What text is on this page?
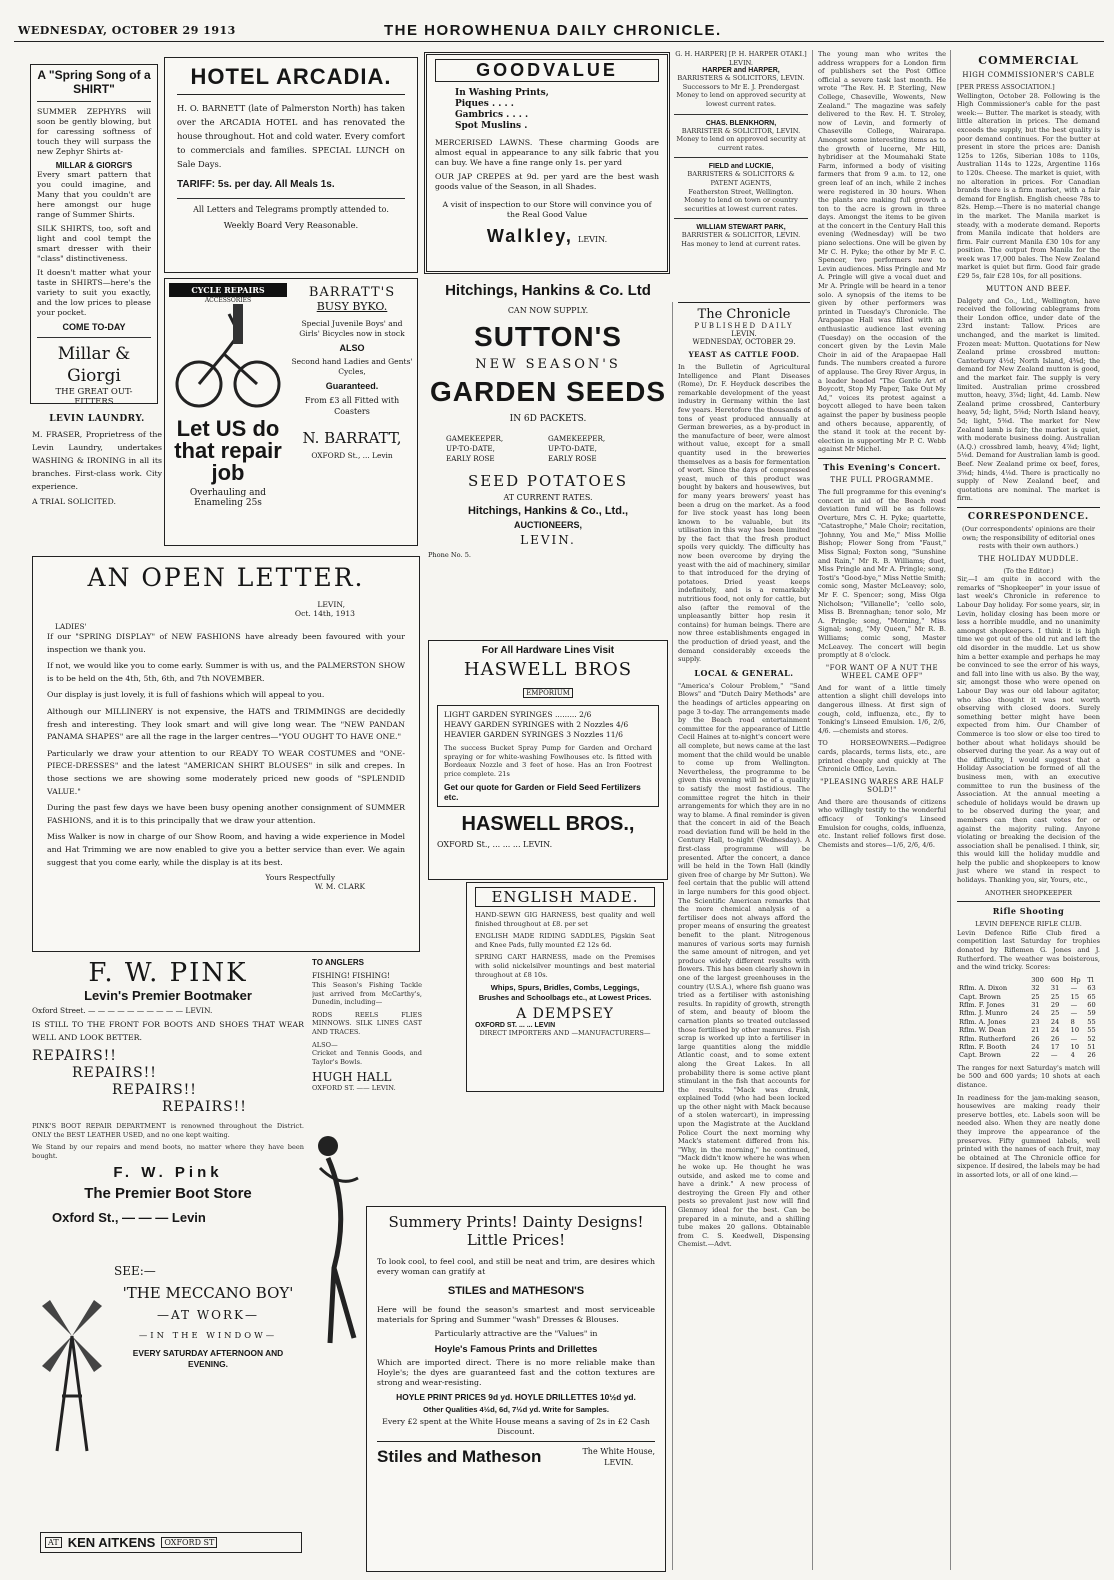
WEDNESDAY, OCTOBER 29 1913	THE HOROWHENUA DAILY CHRONICLE.
A "Spring Song of a SHIRT"

SUMMER ZEPHYRS will soon be gently blowing, but for caressing softness of touch they will surpass the new Zephyr Shirts at-

MILLAR & GIORGI'S

Every smart pattern that you could imagine, and Many that you couldn't are here amongst our huge range of Summer Shirts.

SILK SHIRTS, too, soft and light and cool tempt the smart dresser with their "class" distinctiveness.

It doesn't matter what your taste in SHIRTS—here's the variety to suit you exactly, and the low prices to please your pocket.

COME TO-DAY
Millar & Giorgi
THE GREAT OUT-
FITTERS
LEVIN LAUNDRY.

M. FRASER, Proprietress of the Levin Laundry, undertakes WASHING & IRONING in all its branches. First-class work. City experience.

A TRIAL SOLICITED.
HOTEL ARCADIA.

H. O. BARNETT (late of Palmerston North) has taken over the ARCADIA HOTEL and has renovated the house throughout. Hot and cold water. Every comfort to commercials and families. SPECIAL LUNCH on Sale Days.

TARIFF: 5s. per day. All Meals 1s.
All Letters and Telegrams promptly attended to.
Weekly Board Very Reasonable.
CYCLE REPAIRS
ACCESSORIES
Let US do that repair job
Overhauling and Enameling 25s
BARRATT'S
BUSY BYKO.
Special Juvenile Boys' and Girls' Bicycles now in stock
ALSO
Second hand Ladies and Gents' Cycles,
Guaranteed.
From £3 all Fitted with Coasters
N. BARRATT,
OXFORD St., ... Levin
GOODVALUE
In Washing Prints,
Piques . . . .
Gambrics . . . .
Spot Muslins .

MERCERISED LAWNS. These charming Goods are almost equal in appearance to any silk fabric that you can buy. We have a fine range only 1s. per yard

OUR JAP CREPES at 9d. per yard are the best wash goods value of the Season, in all Shades.

A visit of inspection to our Store will convince you of the Real Good Value

Walkley, LEVIN.
Hitchings, Hankins & Co. Ltd
CAN NOW SUPPLY.
SUTTON'S
NEW SEASON'S
GARDEN SEEDS
IN 6D PACKETS.
GAMEKEEPER,	GAMEKEEPER,
UP-TO-DATE,	UP-TO-DATE,
EARLY ROSE	EARLY ROSE
SEED POTATOES
AT CURRENT RATES.
Hitchings, Hankins & Co., Ltd.,
AUCTIONEERS,
LEVIN.
Phone No. 5.
For All Hardware Lines Visit
HASWELL BROS EMPORIUM
LIGHT GARDEN SYRINGES ......... 2/6
HEAVY GARDEN SYRINGES with 2 Nozzles 4/6
HEAVIER GARDEN SYRINGES 3 Nozzles 11/6

The success Bucket Spray Pump for Garden and Orchard spraying or for white-washing Fowlhouses etc. Is fitted with Bordeaux Nozzle and 3 feet of hose. Has an Iron Footrest price complete. 21s

Get our quote for Garden or Field Seed Fertilizers etc.
HASWELL BROS.,
OXFORD St., ... ... ... LEVIN.
AN OPEN LETTER.
LEVIN,
Oct. 14th, 1913
LADIES'

If our "SPRING DISPLAY" of NEW FASHIONS have already been favoured with your inspection we thank you.

If not, we would like you to come early. Summer is with us, and the PALMERSTON SHOW is to be held on the 4th, 5th, 6th, and 7th NOVEMBER.

Our display is just lovely, it is full of fashions which will appeal to you.

Although our MILLINERY is not expensive, the HATS and TRIMMINGS are decidedly fresh and interesting. They look smart and will give long wear. The "NEW PANDAN PANAMA SHAPES" are all the rage in the larger centres—"YOU OUGHT TO HAVE ONE."

Particularly we draw your attention to our READY TO WEAR COSTUMES and "ONE-PIECE-DRESSES" and the latest "AMERICAN SHIRT BLOUSES" in silk and crepes. In those sections we are showing some moderately priced new goods of "SPLENDID VALUE."

During the past few days we have been busy opening another consignment of SUMMER FASHIONS, and it is to this principally that we draw your attention.

Miss Walker is now in charge of our Show Room, and having a wide experience in Model and Hat Trimming we are now enabled to give you a better service than ever. We again suggest that you come early, while the display is at its best.

Yours Respectfully
W. M. CLARK
F. W. PINK
Levin's Premier Bootmaker
Oxford Street. — — — — — — — — — — LEVIN.

IS STILL TO THE FRONT FOR BOOTS AND SHOES THAT WEAR WELL AND LOOK BETTER.

REPAIRS!!
REPAIRS!!
REPAIRS!!
REPAIRS!!

PINK'S BOOT REPAIR DEPARTMENT is renowned throughout the District. ONLY the BEST LEATHER USED, and no one kept waiting.

We Stand by our repairs and mend boots, no matter where they have been bought.

F. W. Pink
The Premier Boot Store
Oxford St., — — — Levin
TO ANGLERS
FISHING! FISHING!

This Season's Fishing Tackle just arrived from McCarthy's, Dunedin, including—

RODS REELS FLIES MINNOWS. SILK LINES CAST AND TRACES.

ALSO—

Cricket and Tennis Goods, and Taylor's Bowls.

HUGH HALL
OXFORD ST. —— LEVIN.
SEE:—
'THE MECCANO BOY'
—AT WORK—
—IN THE WINDOW—
EVERY SATURDAY AFTERNOON AND EVENING.
AT KEN AITKENS	OXFORD ST
ENGLISH MADE.

HAND-SEWN GIG HARNESS, best quality and well finished throughout at £8. per set

ENGLISH MADE RIDING SADDLES, Pigskin Seat and Knee Pads, fully mounted £2 12s 6d.

SPRING CART HARNESS, made on the Premises with solid nickelsilver mountings and best material throughout at £8 10s.

Whips, Spurs, Bridles, Combs, Leggings, Brushes and Schoolbags etc., at Lowest Prices.

A DEMPSEY
OXFORD ST. ... ... LEVIN
DIRECT IMPORTERS AND —MANUFACTURERS—
Summery Prints! Dainty Designs!
Little Prices!

To look cool, to feel cool, and still be neat and trim, are desires which every woman can gratify at

STILES and MATHESON'S

Here will be found the season's smartest and most serviceable materials for Spring and Summer "wash" Dresses & Blouses.

Particularly attractive are the "Values" in

Hoyle's Famous Prints and Drillettes

Which are imported direct. There is no more reliable make than Hoyle's; the dyes are guaranteed fast and the cotton textures are strong and wear-resisting.

HOYLE PRINT PRICES 9d yd. HOYLE DRILLETTES 10½d yd.
Other Qualities 4½d, 6d, 7½d yd. Write for Samples.

Every £2 spent at the White House means a saving of 2s in £2 Cash Discount.

Stiles and Matheson	The White House,
LEVIN.
G. H. HARPER] [P. H. HARPER OTAKI.] LEVIN.
HARPER and HARPER,
BARRISTERS & SOLICITORS, LEVIN.
Successors to Mr E. J. Prendergast
Money to lend on approved security at lowest current rates.
CHAS. BLENKHORN,
BARRISTER & SOLICITOR, LEVIN.
Money to lend on approved security at current rates.
FIELD and LUCKIE,
BARRISTERS & SOLICITORS & PATENT AGENTS,
Featherston Street, Wellington.
Money to lend on town or country securities at lowest current rates.
WILLIAM STEWART PARK,
BARRISTER & SOLICITOR, LEVIN.
Has money to lend at current rates.
The Chronicle
PUBLISHED DAILY
LEVIN.
WEDNESDAY, OCTOBER 29.
YEAST AS CATTLE FOOD.

In the Bulletin of Agricultural Intelligence and Plant Diseases (Rome), Dr. F. Heyduck describes the remarkable development of the yeast industry in Germany within the last few years. Heretofore the thousands of tons of yeast produced annually at German breweries, as a by-product in the manufacture of beer, were almost without value, except for a small quantity used in the breweries themselves as a basis for fermentation of wort. Since the days of compressed yeast, much of this product was bought by bakers and housewives, but for many years brewers' yeast has been a drug on the market. As a food for live stock yeast has long been known to be valuable, but its utilisation in this way has been limited by the fact that the fresh product spoils very quickly. The difficulty has now been overcome by drying the yeast with the aid of machinery, similar to that introduced for the drying of potatoes. Dried yeast keeps indefinitely, and is a remarkably nutritious food, not only for cattle, but also (after the removal of the unpleasantly bitter hop resin it contains) for human beings. There are now three establishments engaged in the production of dried yeast, and the demand considerably exceeds the supply.

LOCAL & GENERAL.

"America's Colour Problem," "Sand Blows" and "Dutch Dairy Methods" are the headings of articles appearing on page 3 to-day. The arrangements made by the Beach road entertainment committee for the appearance of Little Cecil Haines at to-night's concert were all complete, but news came at the last moment that the child would be unable to come up from Wellington. Nevertheless, the programme to be given this evening will be of a quality to satisfy the most fastidious. The committee regret the hitch in their arrangements for which they are in no way to blame. A final reminder is given that the concert in aid of the Beach road deviation fund will be held in the Century Hall, to-night (Wednesday). A first-class programme will be presented. After the concert, a dance will be held in the Town Hall (kindly given free of charge by Mr Sutton). We feel certain that the public will attend in large numbers for this good object. The Scientific American remarks that the more chemical analysis of a fertiliser does not always afford the proper means of ensuring the greatest benefit to the plant. Nitrogenous manures of various sorts may furnish the same amount of nitrogen, and yet produce widely different results with flowers. This has been clearly shown in one of the largest greenhouses in the country (U.S.A.), where fish guano was tried as a fertiliser with astonishing results. In rapidity of growth, strength of stem, and beauty of bloom the carnation plants so treated outclassed those fertilised by other manures. Fish scrap is worked up into a fertiliser in large quantities along the middle Atlantic coast, and to some extent along the Great Lakes. In all probability there is some active plant stimulant in the fish that accounts for the results. "Mack was drunk, explained Todd (who had been locked up the other night with Mack because of a stolen watercart), in impressing upon the Magistrate at the Auckland Police Court the next morning why Mack's statement differed from his. "Why, in the morning," he continued, "Mack didn't know where he was when he woke up. He thought he was outside, and asked me to come and have a drink." A new process of destroying the Green Fly and other pests so prevalent just now will find Glenmoy ideal for the best. Can be prepared in a minute, and a shilling tube makes 20 gallons. Obtainable from C. S. Keedwell, Dispensing Chemist.—Advt.

The young man who writes the address wrappers for a London firm of publishers set the Post Office official a severe task last month. He wrote "The Rev. H. P. Sterling, New College, Chaseville, Wowents, New Zealand." The magazine was safely delivered to the Rev. H. T. Stroley, now of Levin, and formerly of Chaseville College, Wairarapa. Amongst some interesting items as to the growth of lucerne, Mr Hill, hybridiser at the Moumahaki State Farm, informed a body of visiting farmers that from 9 a.m. to 12, one green leaf of an inch, while 2 inches were registered in 30 hours. When the plants are making full growth a ton to the acre is grown in three days. Amongst the items to be given at the concert in the Century Hall this evening (Wednesday) will be two piano selections. One will be given by Mr C. H. Pyke; the other by Mr F. C. Spencer, two performers new to Levin audiences. Miss Pringle and Mr A. Pringle will give a vocal duet and Mr A. Pringle will be heard in a tenor solo. A synopsis of the items to be given by other performers was printed in Tuesday's Chronicle. The Arapaepae Hall was filled with an enthusiastic audience last evening (Tuesday) on the occasion of the concert given by the Levin Male Choir in aid of the Arapaepae Hall funds. The numbers created a furore of applause. The Grey River Argus, in a leader headed "The Gentle Art of Boycott, Stop My Paper, Take Out My Ad," voices its protest against a boycott alleged to have been taken against the paper by business people and others because, apparently, of the stand it took at the recent by-election in supporting Mr P. C. Webb against Mr Michel.

This Evening's Concert.
THE FULL PROGRAMME.

The full programme for this evening's concert in aid of the Beach road deviation fund will be as follows: Overture, Mrs C. H. Pyke; quartette, "Catastrophe," Male Choir; recitation, "Johnny, You and Me," Miss Mollie Bishop; Flower Song from "Faust," Miss Signal; Foxton song, "Sunshine and Rain," Mr R. B. Williams; duet, Miss Pringle and Mr A. Pringle; song, Tosti's "Good-bye," Miss Nettie Smith; comic song, Master McLeavey; solo, Mr F. C. Spencer; song, Miss Olga Nicholson; "Villanelle"; 'cello solo, Miss B. Brennaghan; tenor solo, Mr A. Pringle; song, "Morning," Miss Signal; song, "My Queen," Mr R. B. Williams; comic song, Master McLeavey. The concert will begin promptly at 8 o'clock.

"FOR WANT OF A NUT THE WHEEL CAME OFF"

And for want of a little timely attention a slight chill develops into dangerous illness. At first sign of cough, cold, influenza, etc., fly to Tonking's Linseed Emulsion. 1/6, 2/6, 4/6. —chemists and stores.

TO HORSEOWNERS.—Pedigree cards, placards, terms lists, etc., are printed cheaply and quickly at The Chronicle Office, Levin.

"PLEASING WARES ARE HALF SOLD!"

And there are thousands of citizens who willingly testify to the wonderful efficacy of Tonking's Linseed Emulsion for coughs, colds, influenza, etc. Instant relief follows first dose. Chemists and stores—1/6, 2/6, 4/6.

COMMERCIAL
HIGH COMMISSIONER'S CABLE
[PER PRESS ASSOCIATION.]

Wellington, October 28. Following is the High Commissioner's cable for the past week:— Butter. The market is steady, with little alteration in prices. The demand exceeds the supply, but the best quality is poor demand continues. For the butter at present in store the prices are: Danish 125s to 126s, Siberian 108s to 110s, Australian 114s to 122s, Argentine 116s to 120s. Cheese. The market is quiet, with no alteration in prices. For Canadian brands there is a firm market, with a fair demand for English. English cheese 78s to 82s. Hemp.—There is no material change in the market. The Manila market is steady, with a moderate demand. Reports from Manila indicate that holders are firm. Fair current Manila £30 10s for any position. The output from Manila for the week was 17,000 bales. The New Zealand market is quiet but firm. Good fair grade £29 5s, fair £28 10s, for all positions.

MUTTON AND BEEF.

Dalgety and Co., Ltd., Wellington, have received the following cablegrams from their London office, under date of the 23rd instant: Tallow. Prices are unchanged, and the market is limited. Frozen meat: Mutton. Quotations for New Zealand prime crossbred mutton: Canterbury 4½d; North Island, 4⅜d; the demand for New Zealand mutton is good, and the market fair. The supply is very limited. Australian prime crossbred mutton, heavy, 3⅞d; light, 4d. Lamb. New Zealand prime crossbred, Canterbury heavy, 5d; light, 5⅜d; North Island heavy, 5d; light, 5⅜d. The market for New Zealand lamb is fair; the market is quiet, with moderate business doing. Australian (A.Q.) crossbred lamb, heavy, 4⅞d; light, 5⅛d. Demand for Australian lamb is good. Beef. New Zealand prime ox beef, fores, 3⅝d; hinds, 4⅛d. There is practically no supply of New Zealand beef, and quotations are nominal. The market is firm.

CORRESPONDENCE.

(Our correspondents' opinions are their own; the responsibility of editorial ones rests with their own authors.)

THE HOLIDAY MUDDLE.
(To the Editor.)

Sir,—I am quite in accord with the remarks of "Shopkeeper" in your issue of last week's Chronicle in reference to Labour Day holiday. For some years, sir, in Levin, holiday closing has been more or less a horrible muddle, and no unanimity amongst shopkeepers. I think it is high time we got out of the old rut and left the old disorder in the muddle. Let us show him a better example and perhaps he may be convinced to see the error of his ways, and fall into line with us also. By the way, sir, amongst those who were opened on Labour Day was our old labour agitator, who also thought it was not worth observing with closed doors. Surely something better might have been expected from him. Our Chamber of Commerce is too slow or else too tired to bother about what holidays should be observed during the year. As a way out of the difficulty, I would suggest that a Holiday Association be formed of all the business men, with an executive committee to run the business of the Association. At the annual meeting a schedule of holidays would be drawn up to be observed during the year, and members can then cast votes for or against the majority ruling. Anyone violating or breaking the decision of the association shall be penalised. I think, sir, this would kill the holiday muddle and help the public and shopkeepers to know just where we stand in respect to holidays. Thanking you, sir, Yours, etc.,

ANOTHER SHOPKEEPER
Rifle Shooting
LEVIN DEFENCE RIFLE CLUB.

Levin Defence Rifle Club fired a competition last Saturday for trophies donated by Riflemen G. Jones and J. Rutherford. The weather was boisterous, and the wind tricky. Scores:

	300	600	Hp	Tl
Rflm. A. Dixon	32	31	—	63
Capt. Brown	25	25	15	65
Rflm. F. Jones	31	29	—	60
Rflm. J. Munro	24	25	—	59
Rflm. A. Jones	23	24	8	55
Rflm. W. Dean	21	24	10	55
Rflm. Rutherford	26	26	—	52
Rflm. F. Booth	24	17	10	51
Capt. Brown	22	—	4	26

The ranges for next Saturday's match will be 500 and 600 yards; 10 shots at each distance.

In readiness for the jam-making season, housewives are making ready their preserve bottles, etc. Labels soon will be needed also. When they are neatly done they improve the appearance of the preserves. Fifty gummed labels, well printed with the names of each fruit, may be obtained at The Chronicle office for sixpence. If desired, the labels may be had in assorted lots, or all of one kind.—
